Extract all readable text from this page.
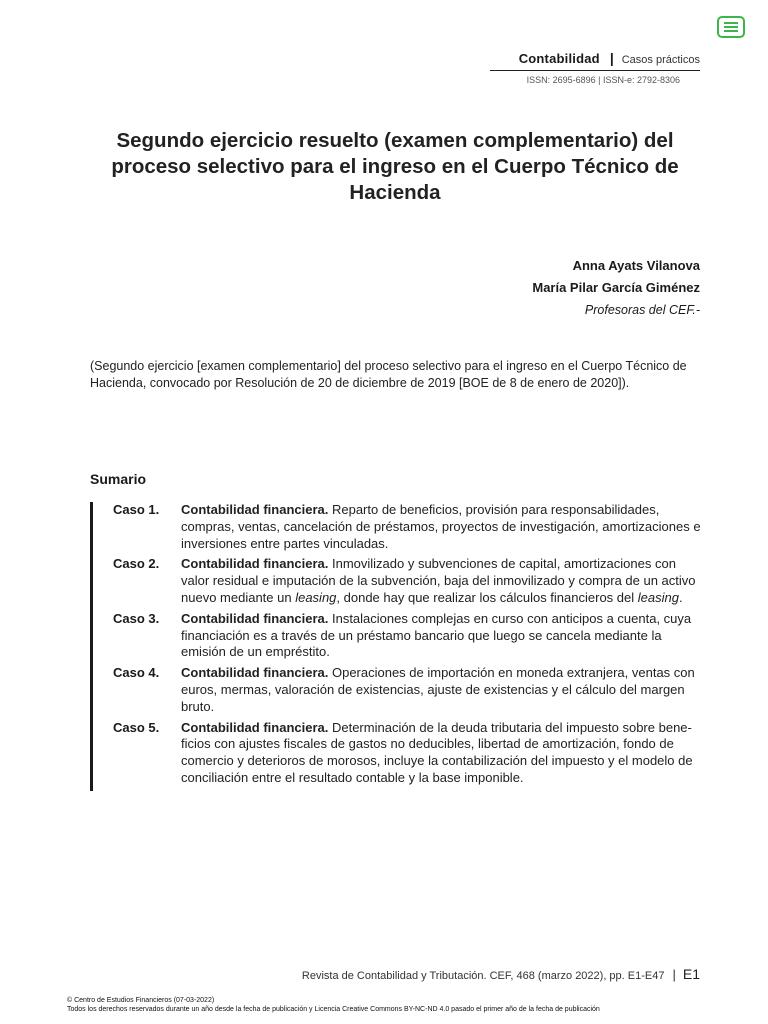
Contabilidad | Casos prácticos
ISSN: 2695-6896 | ISSN-e: 2792-8306
Segundo ejercicio resuelto (examen complementario) del proceso selectivo para el ingreso en el Cuerpo Técnico de Hacienda
Anna Ayats Vilanova
María Pilar García Giménez
Profesoras del CEF.-
(Segundo ejercicio [examen complementario] del proceso selectivo para el ingreso en el Cuerpo Técnico de Hacienda, convocado por Resolución de 20 de diciembre de 2019 [BOE de 8 de enero de 2020]).
Sumario
Caso 1.	Contabilidad financiera. Reparto de beneficios, provisión para responsabilidades, compras, ventas, cancelación de préstamos, proyectos de investigación, amortizaciones e inversiones entre partes vinculadas.
Caso 2.	Contabilidad financiera. Inmovilizado y subvenciones de capital, amortizaciones con valor residual e imputación de la subvención, baja del inmovilizado y compra de un activo nuevo mediante un leasing, donde hay que realizar los cálculos financieros del leasing.
Caso 3.	Contabilidad financiera. Instalaciones complejas en curso con anticipos a cuenta, cuya financiación es a través de un préstamo bancario que luego se cancela mediante la emisión de un empréstito.
Caso 4.	Contabilidad financiera. Operaciones de importación en moneda extranjera, ventas con euros, mermas, valoración de existencias, ajuste de existencias y el cálculo del margen bruto.
Caso 5.	Contabilidad financiera. Determinación de la deuda tributaria del impuesto sobre beneficios con ajustes fiscales de gastos no deducibles, libertad de amortización, fondo de comercio y deterioros de morosos, incluye la contabilización del impuesto y el modelo de conciliación entre el resultado contable y la base imponible.
Revista de Contabilidad y Tributación. CEF, 468 (marzo 2022), pp. E1-E47 | E1
© Centro de Estudios Financieros (07-03-2022)
Todos los derechos reservados durante un año desde la fecha de publicación y Licencia Creative Commons BY-NC-ND 4.0 pasado el primer año de la fecha de publicación
